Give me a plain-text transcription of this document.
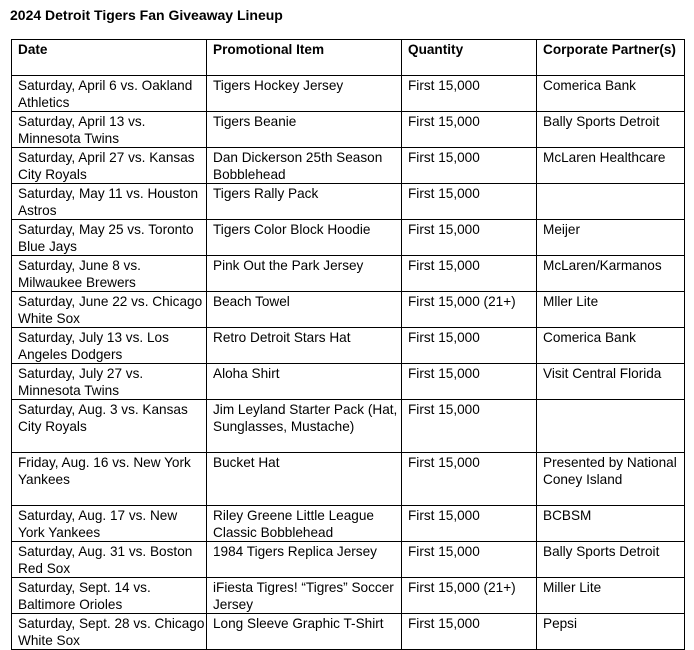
2024 Detroit Tigers Fan Giveaway Lineup
Date	Promotional Item	Quantity	Corporate Partner(s)
Saturday, April 6 vs. Oakland Athletics	Tigers Hockey Jersey	First 15,000	Comerica Bank
Saturday, April 13 vs. Minnesota Twins	Tigers Beanie	First 15,000	Bally Sports Detroit
Saturday, April 27 vs. Kansas City Royals	Dan Dickerson 25th Season Bobblehead	First 15,000	McLaren Healthcare
Saturday, May 11 vs. Houston Astros	Tigers Rally Pack	First 15,000	
Saturday, May 25 vs. Toronto Blue Jays	Tigers Color Block Hoodie	First 15,000	Meijer
Saturday, June 8 vs. Milwaukee Brewers	Pink Out the Park Jersey	First 15,000	McLaren/Karmanos
Saturday, June 22 vs. Chicago White Sox	Beach Towel	First 15,000 (21+)	Mller Lite
Saturday, July 13 vs. Los Angeles Dodgers	Retro Detroit Stars Hat	First 15,000	Comerica Bank
Saturday, July 27 vs. Minnesota Twins	Aloha Shirt	First 15,000	Visit Central Florida
Saturday, Aug. 3 vs. Kansas City Royals	Jim Leyland Starter Pack (Hat, Sunglasses, Mustache)	First 15,000	
Friday, Aug. 16 vs. New York Yankees	Bucket Hat	First 15,000	Presented by National Coney Island
Saturday, Aug. 17 vs. New York Yankees	Riley Greene Little League Classic Bobblehead	First 15,000	BCBSM
Saturday, Aug. 31 vs. Boston Red Sox	1984 Tigers Replica Jersey	First 15,000	Bally Sports Detroit
Saturday, Sept. 14 vs. Baltimore Orioles	iFiesta Tigres! “Tigres” Soccer Jersey	First 15,000 (21+)	Miller Lite
Saturday, Sept. 28 vs. Chicago White Sox	Long Sleeve Graphic T-Shirt	First 15,000	Pepsi
